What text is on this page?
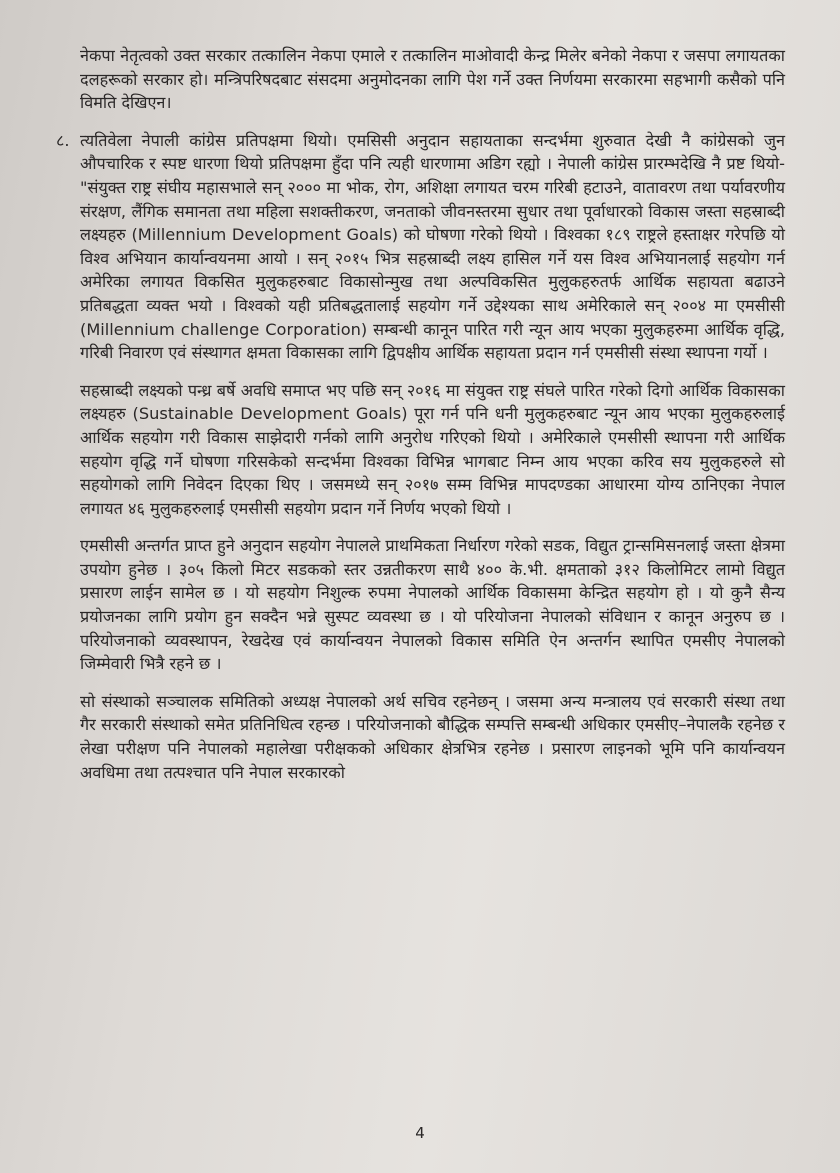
नेकपा नेतृत्वको उक्त सरकार तत्कालिन नेकपा एमाले र तत्कालिन माओवादी केन्द्र मिलेर बनेको नेकपा र जसपा लगायतका दलहरूको सरकार हो। मन्त्रिपरिषदबाट संसदमा अनुमोदनका लागि पेश गर्ने उक्त निर्णयमा सरकारमा सहभागी कसैको पनि विमति देखिएन।

८. त्यतिवेला नेपाली कांग्रेस प्रतिपक्षमा थियो। एमसिसी अनुदान सहायताका सन्दर्भमा शुरुवात देखी नै कांग्रेसको जुन औपचारिक र स्पष्ट धारणा थियो प्रतिपक्षमा हुँदा पनि त्यही धारणामा अडिग रह्यो । नेपाली कांग्रेस प्रारम्भदेखि नै प्रष्ट थियो- "संयुक्त राष्ट्र संघीय महासभाले सन् २००० मा भोक, रोग, अशिक्षा लगायत चरम गरिबी हटाउने, वातावरण तथा पर्यावरणीय संरक्षण, लैंगिक समानता तथा महिला सशक्तीकरण, जनताको जीवनस्तरमा सुधार तथा पूर्वाधारको विकास जस्ता सहस्राब्दी लक्ष्यहरु (Millennium Development Goals) को घोषणा गरेको थियो । विश्वका १८९ राष्ट्रले हस्ताक्षर गरेपछि यो विश्व अभियान कार्यान्वयनमा आयो । सन् २०१५ भित्र सहस्राब्दी लक्ष्य हासिल गर्ने यस विश्व अभियानलाई सहयोग गर्न अमेरिका लगायत विकसित मुलुकहरुबाट विकासोन्मुख तथा अल्पविकसित मुलुकहरुतर्फ आर्थिक सहायता बढाउने प्रतिबद्धता व्यक्त भयो । विश्वको यही प्रतिबद्धतालाई सहयोग गर्ने उद्देश्यका साथ अमेरिकाले सन् २००४ मा एमसीसी (Millennium challenge Corporation) सम्बन्धी कानून पारित गरी न्यून आय भएका मुलुकहरुमा आर्थिक वृद्धि, गरिबी निवारण एवं संस्थागत क्षमता विकासका लागि द्विपक्षीय आर्थिक सहायता प्रदान गर्न एमसीसी संस्था स्थापना गर्यो ।

सहस्राब्दी लक्ष्यको पन्ध्र बर्षे अवधि समाप्त भए पछि सन् २०१६ मा संयुक्त राष्ट्र संघले पारित गरेको दिगो आर्थिक विकासका लक्ष्यहरु (Sustainable Development Goals) पूरा गर्न पनि धनी मुलुकहरुबाट न्यून आय भएका मुलुकहरुलाई आर्थिक सहयोग गरी विकास साझेदारी गर्नको लागि अनुरोध गरिएको थियो । अमेरिकाले एमसीसी स्थापना गरी आर्थिक सहयोग वृद्धि गर्ने घोषणा गरिसकेको सन्दर्भमा विश्वका विभिन्न भागबाट निम्न आय भएका करिव सय मुलुकहरुले सो सहयोगको लागि निवेदन दिएका थिए । जसमध्ये सन् २०१७ सम्म विभिन्न मापदण्डका आधारमा योग्य ठानिएका नेपाल लगायत ४६ मुलुकहरुलाई एमसीसी सहयोग प्रदान गर्ने निर्णय भएको थियो ।

एमसीसी अन्तर्गत प्राप्त हुने अनुदान सहयोग नेपालले प्राथमिकता निर्धारण गरेको सडक, विद्युत ट्रान्समिसनलाई जस्ता क्षेत्रमा उपयोग हुनेछ । ३०५ किलो मिटर सडकको स्तर उन्नतीकरण साथै ४०० के.भी. क्षमताको ३१२ किलोमिटर लामो विद्युत प्रसारण लाईन सामेल छ । यो सहयोग निशुल्क रुपमा नेपालको आर्थिक विकासमा केन्द्रित सहयोग हो । यो कुनै सैन्य प्रयोजनका लागि प्रयोग हुन सक्दैन भन्ने सुस्पट व्यवस्था छ । यो परियोजना नेपालको संविधान र कानून अनुरुप छ । परियोजनाको व्यवस्थापन, रेखदेख एवं कार्यान्वयन नेपालको विकास समिति ऐन अन्तर्गन स्थापित एमसीए नेपालको जिम्मेवारी भित्रै रहने छ ।

सो संस्थाको सञ्चालक समितिको अध्यक्ष नेपालको अर्थ सचिव रहनेछन् । जसमा अन्य मन्त्रालय एवं सरकारी संस्था तथा गैर सरकारी संस्थाको समेत प्रतिनिधित्व रहन्छ । परियोजनाको बौद्धिक सम्पत्ति सम्बन्धी अधिकार एमसीए–नेपालकै रहनेछ र लेखा परीक्षण पनि नेपालको महालेखा परीक्षकको अधिकार क्षेत्रभित्र रहनेछ । प्रसारण लाइनको भूमि पनि कार्यान्वयन अवधिमा तथा तत्पश्चात पनि नेपाल सरकारको

4
